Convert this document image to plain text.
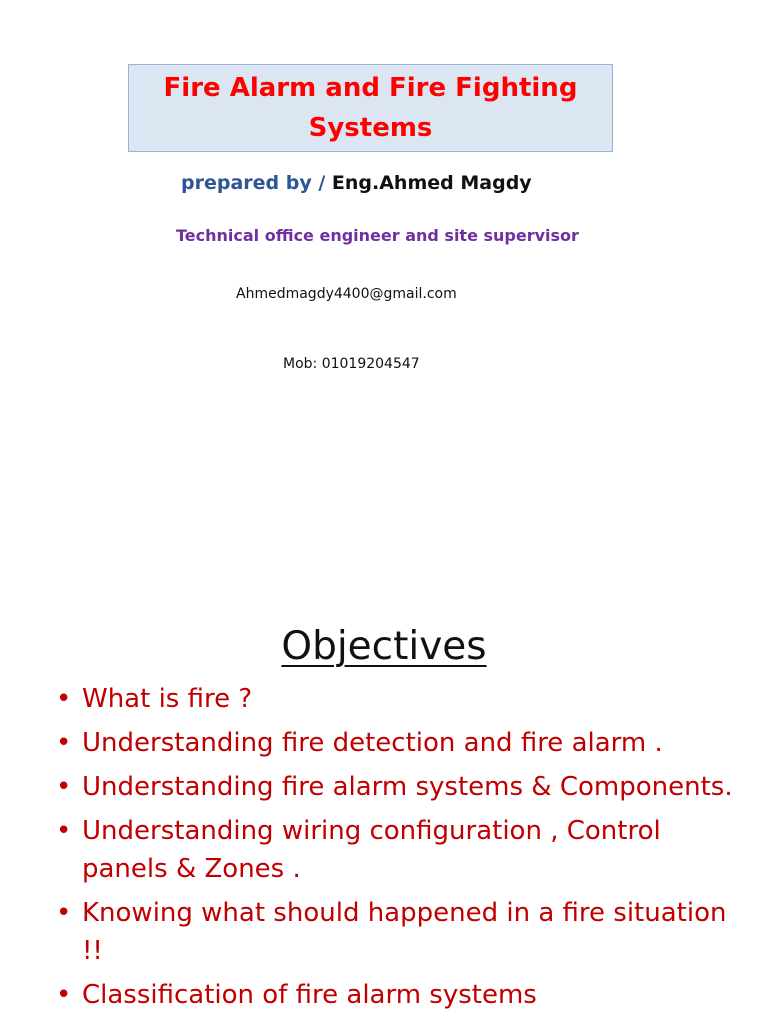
Fire Alarm and Fire Fighting Systems
prepared by / Eng.Ahmed Magdy
Technical office engineer and site supervisor
Ahmedmagdy4400@gmail.com
Mob: 01019204547
Objectives
• What is fire ?
• Understanding fire detection and fire alarm .
• Understanding fire alarm systems & Components.
• Understanding wiring configuration , Control panels & Zones .
• Knowing what should happened in a fire situation !!
• Classification of fire alarm systems
